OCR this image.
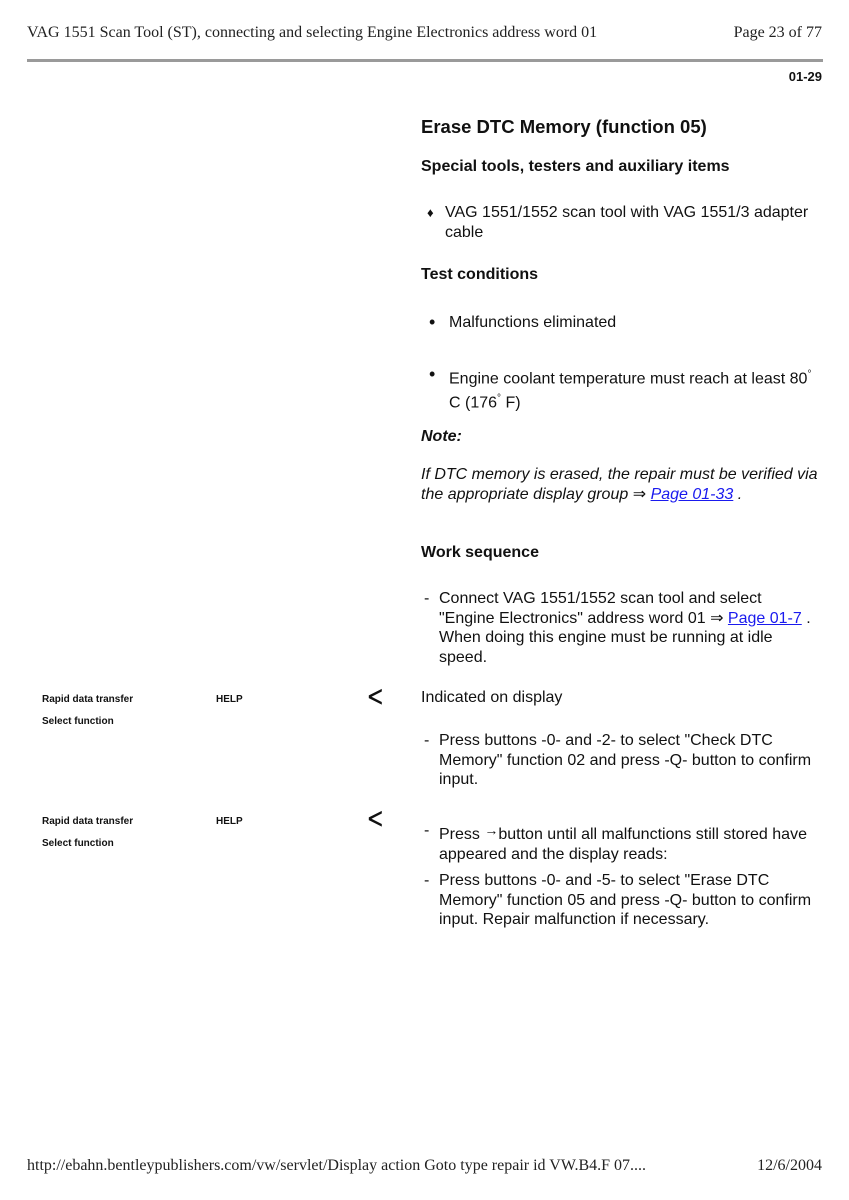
VAG 1551 Scan Tool (ST), connecting and selecting Engine Electronics address word 01	Page 23 of 77
01-29
Erase DTC Memory (function 05)
Special tools, testers and auxiliary items
♦ VAG 1551/1552 scan tool with VAG 1551/3 adapter cable
Test conditions
• Malfunctions eliminated
• Engine coolant temperature must reach at least 80° C (176° F)
Note:
If DTC memory is erased, the repair must be verified via the appropriate display group ⇒ Page 01-33 .
Work sequence
- Connect VAG 1551/1552 scan tool and select "Engine Electronics" address word 01 ⇒ Page 01-7 . When doing this engine must be running at idle speed.
Indicated on display
- Press buttons -0- and -2- to select "Check DTC Memory" function 02 and press -Q- button to confirm input.
- Press →button until all malfunctions still stored have appeared and the display reads:
- Press buttons -0- and -5- to select "Erase DTC Memory" function 05 and press -Q- button to confirm input. Repair malfunction if necessary.
Rapid data transfer	HELP
Select function
ᐸ
Rapid data transfer	HELP
Select function
ᐸ
http://ebahn.bentleypublishers.com/vw/servlet/Display action Goto type repair id VW.B4.F 07....	12/6/2004
